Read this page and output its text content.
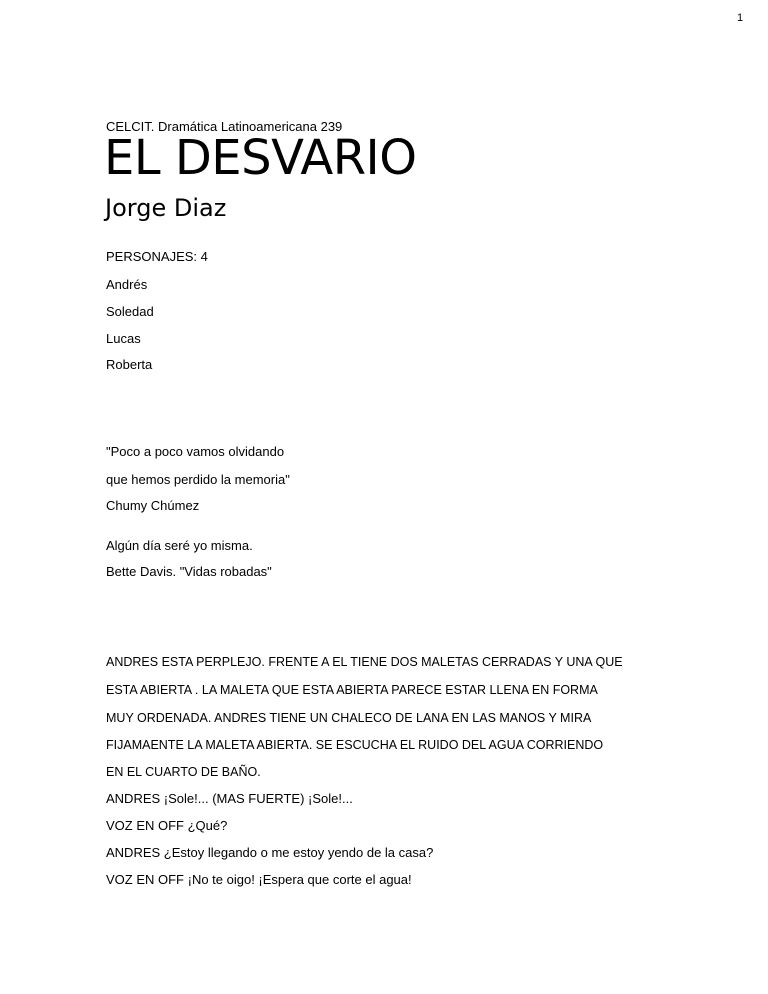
1
CELCIT. Dramática Latinoamericana 239
EL DESVARIO
Jorge Diaz
PERSONAJES: 4
Andrés
Soledad
Lucas
Roberta
"Poco a poco vamos olvidando
que hemos perdido la memoria"
Chumy Chúmez
Algún día seré yo misma.
Bette Davis. "Vidas robadas"
ANDRES ESTA PERPLEJO. FRENTE A EL TIENE DOS MALETAS CERRADAS Y UNA QUE
ESTA ABIERTA . LA MALETA QUE ESTA ABIERTA PARECE ESTAR LLENA EN FORMA
MUY ORDENADA. ANDRES TIENE UN CHALECO DE LANA EN LAS MANOS Y MIRA
FIJAMAENTE LA MALETA ABIERTA. SE ESCUCHA EL RUIDO DEL AGUA CORRIENDO
EN EL CUARTO DE BAÑO.
ANDRES ¡Sole!... (MAS FUERTE) ¡Sole!...
VOZ EN OFF ¿Qué?
ANDRES ¿Estoy llegando o me estoy yendo de la casa?
VOZ EN OFF ¡No te oigo! ¡Espera que corte el agua!
